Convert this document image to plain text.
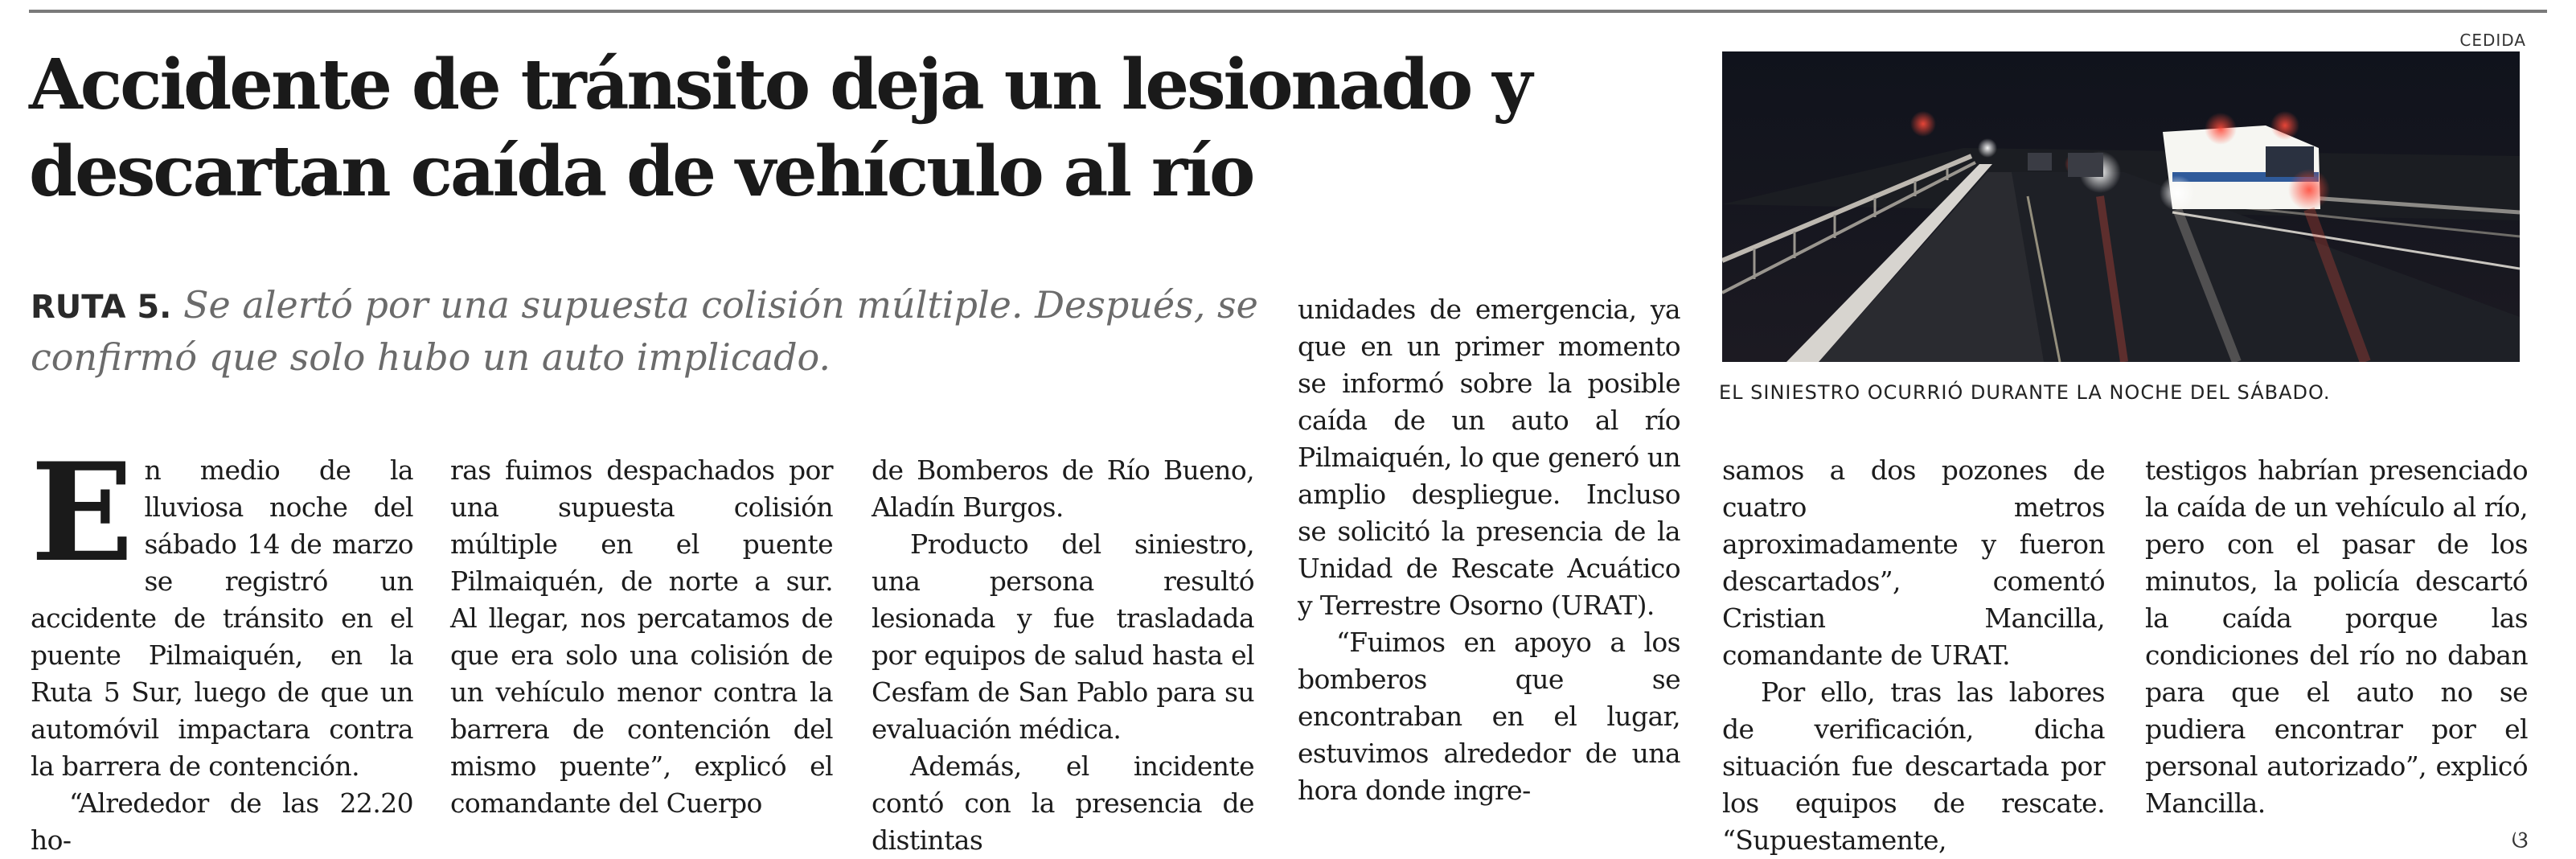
Accidente de tránsito deja un lesionado y descartan caída de vehículo al río

RUTA 5. Se alertó por una supuesta colisión múltiple. Después, se confirmó que solo hubo un auto implicado.

En medio de la lluviosa noche del sábado 14 de marzo se registró un accidente de tránsito en el puente Pilmaiquén, en la Ruta 5 Sur, luego de que un automóvil impactara contra la barrera de contención.

“Alrededor de las 22.20 ho-

ras fuimos despachados por una supuesta colisión múltiple en el puente Pilmaiquén, de norte a sur. Al llegar, nos percatamos de que era solo una colisión de un vehículo menor contra la barrera de contención del mismo puente”, explicó el comandante del Cuerpo

de Bomberos de Río Bueno, Aladín Burgos.

Producto del siniestro, una persona resultó lesionada y fue trasladada por equipos de salud hasta el Cesfam de San Pablo para su evaluación médica.

Además, el incidente contó con la presencia de distintas

unidades de emergencia, ya que en un primer momento se informó sobre la posible caída de un auto al río Pilmaiquén, lo que generó un amplio despliegue. Incluso se solicitó la presencia de la Unidad de Rescate Acuático y Terrestre Osorno (URAT).

“Fuimos en apoyo a los bomberos que se encontraban en el lugar, estuvimos alrededor de una hora donde ingre-

CEDIDA
EL SINIESTRO OCURRIÓ DURANTE LA NOCHE DEL SÁBADO.

samos a dos pozones de cuatro metros aproximadamente y fueron descartados”, comentó Cristian Mancilla, comandante de URAT.

Por ello, tras las labores de verificación, dicha situación fue descartada por los equipos de rescate. “Supuestamente,

testigos habrían presenciado la caída de un vehículo al río, pero con el pasar de los minutos, la policía descartó la caída porque las condiciones del río no daban para que el auto no se pudiera encontrar por el personal autorizado”, explicó Mancilla.

ଓ
